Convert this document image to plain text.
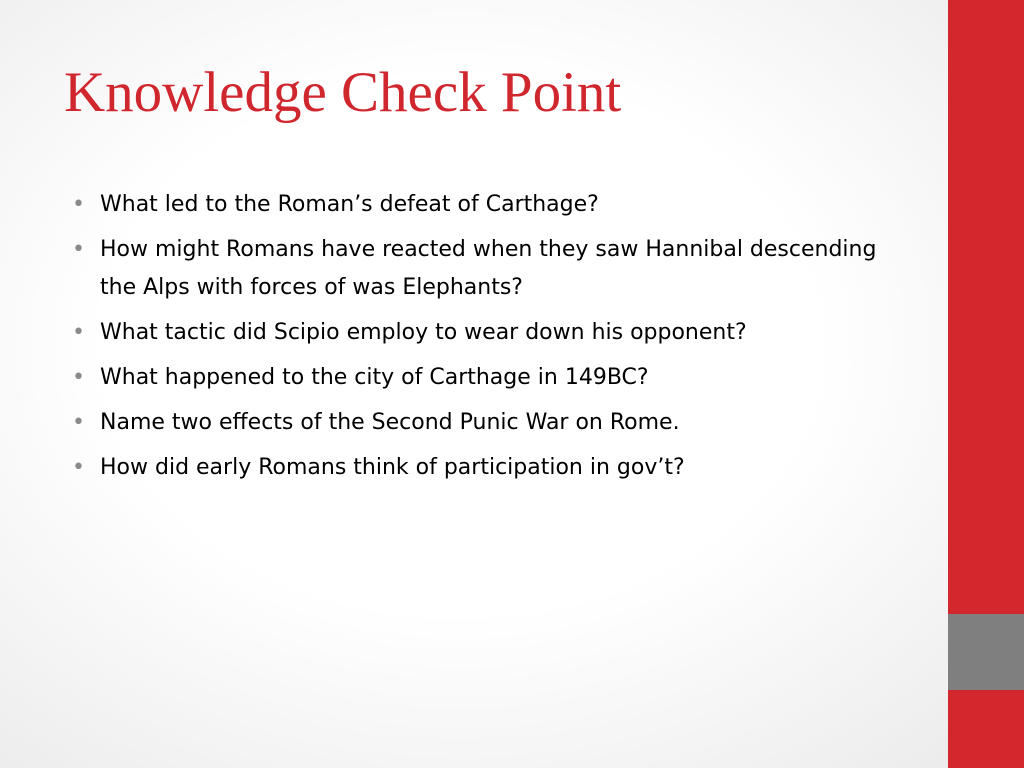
Knowledge Check Point
• What led to the Roman’s defeat of Carthage?
• How might Romans have reacted when they saw Hannibal descending the Alps with forces of was Elephants?
• What tactic did Scipio employ to wear down his opponent?
• What happened to the city of Carthage in 149BC?
• Name two effects of the Second Punic War on Rome.
• How did early Romans think of participation in gov’t?
